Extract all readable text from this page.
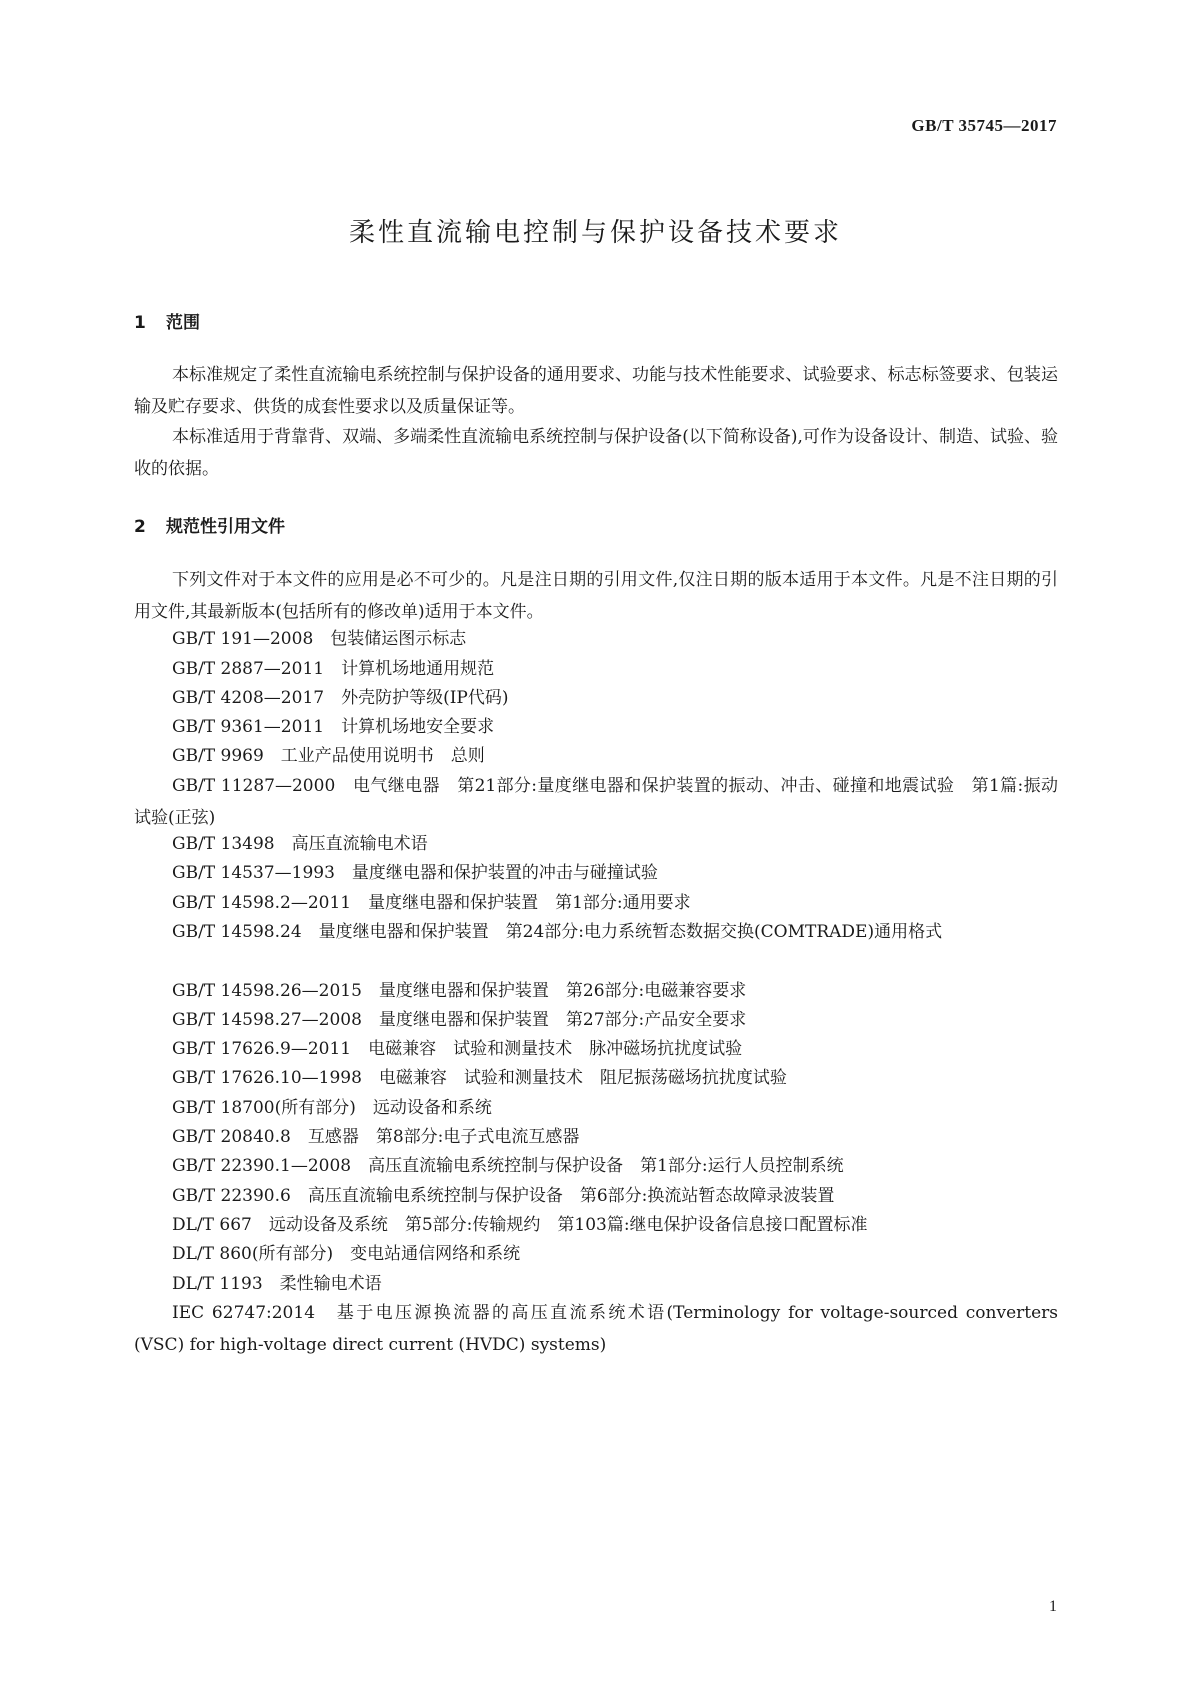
GB/T 35745—2017
柔性直流输电控制与保护设备技术要求
1 范围

本标准规定了柔性直流输电系统控制与保护设备的通用要求、功能与技术性能要求、试验要求、标志标签要求、包装运输及贮存要求、供货的成套性要求以及质量保证等。

本标准适用于背靠背、双端、多端柔性直流输电系统控制与保护设备(以下简称设备),可作为设备设计、制造、试验、验收的依据。

2 规范性引用文件

下列文件对于本文件的应用是必不可少的。凡是注日期的引用文件,仅注日期的版本适用于本文件。凡是不注日期的引用文件,其最新版本(包括所有的修改单)适用于本文件。

GB/T 191—2008　包装储运图示标志

GB/T 2887—2011　计算机场地通用规范

GB/T 4208—2017　外壳防护等级(IP代码)

GB/T 9361—2011　计算机场地安全要求

GB/T 9969　工业产品使用说明书　总则

GB/T 11287—2000　电气继电器　第21部分:量度继电器和保护装置的振动、冲击、碰撞和地震试验　第1篇:振动试验(正弦)

GB/T 13498　高压直流输电术语

GB/T 14537—1993　量度继电器和保护装置的冲击与碰撞试验

GB/T 14598.2—2011　量度继电器和保护装置　第1部分:通用要求

GB/T 14598.24　量度继电器和保护装置　第24部分:电力系统暂态数据交换(COMTRADE)通用格式

GB/T 14598.26—2015　量度继电器和保护装置　第26部分:电磁兼容要求

GB/T 14598.27—2008　量度继电器和保护装置　第27部分:产品安全要求

GB/T 17626.9—2011　电磁兼容　试验和测量技术　脉冲磁场抗扰度试验

GB/T 17626.10—1998　电磁兼容　试验和测量技术　阻尼振荡磁场抗扰度试验

GB/T 18700(所有部分)　远动设备和系统

GB/T 20840.8　互感器　第8部分:电子式电流互感器

GB/T 22390.1—2008　高压直流输电系统控制与保护设备　第1部分:运行人员控制系统

GB/T 22390.6　高压直流输电系统控制与保护设备　第6部分:换流站暂态故障录波装置

DL/T 667　远动设备及系统　第5部分:传输规约　第103篇:继电保护设备信息接口配置标准

DL/T 860(所有部分)　变电站通信网络和系统

DL/T 1193　柔性输电术语

IEC 62747:2014　基于电压源换流器的高压直流系统术语(Terminology for voltage-sourced converters (VSC) for high-voltage direct current (HVDC) systems)

1
